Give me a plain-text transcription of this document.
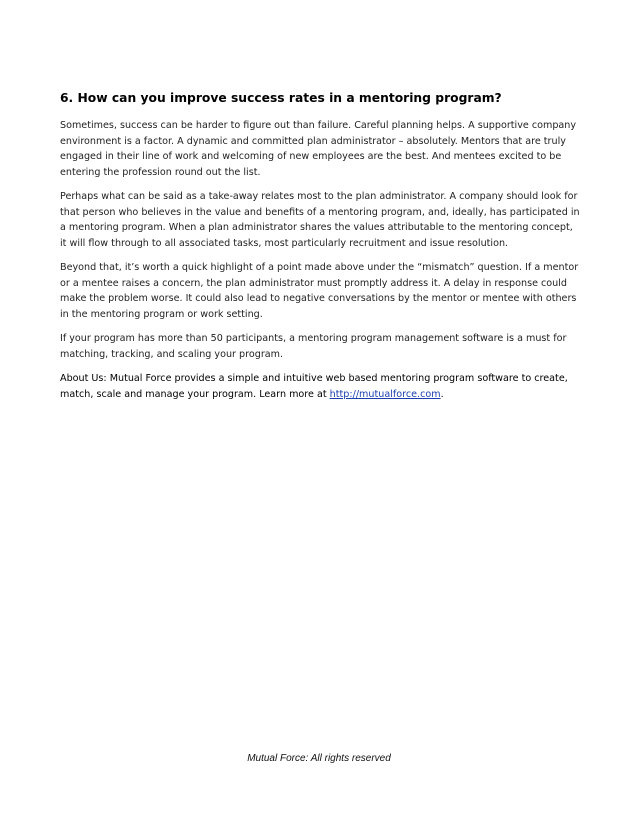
6. How can you improve success rates in a mentoring program?

Sometimes, success can be harder to figure out than failure. Careful planning helps. A supportive company environment is a factor. A dynamic and committed plan administrator – absolutely. Mentors that are truly engaged in their line of work and welcoming of new employees are the best. And mentees excited to be entering the profession round out the list.

Perhaps what can be said as a take-away relates most to the plan administrator. A company should look for that person who believes in the value and benefits of a mentoring program, and, ideally, has participated in a mentoring program. When a plan administrator shares the values attributable to the mentoring concept, it will flow through to all associated tasks, most particularly recruitment and issue resolution.

Beyond that, it’s worth a quick highlight of a point made above under the “mismatch” question. If a mentor or a mentee raises a concern, the plan administrator must promptly address it. A delay in response could make the problem worse. It could also lead to negative conversations by the mentor or mentee with others in the mentoring program or work setting.

If your program has more than 50 participants, a mentoring program management software is a must for matching, tracking, and scaling your program.

About Us: Mutual Force provides a simple and intuitive web based mentoring program software to create, match, scale and manage your program. Learn more at http://mutualforce.com.

Mutual Force: All rights reserved
